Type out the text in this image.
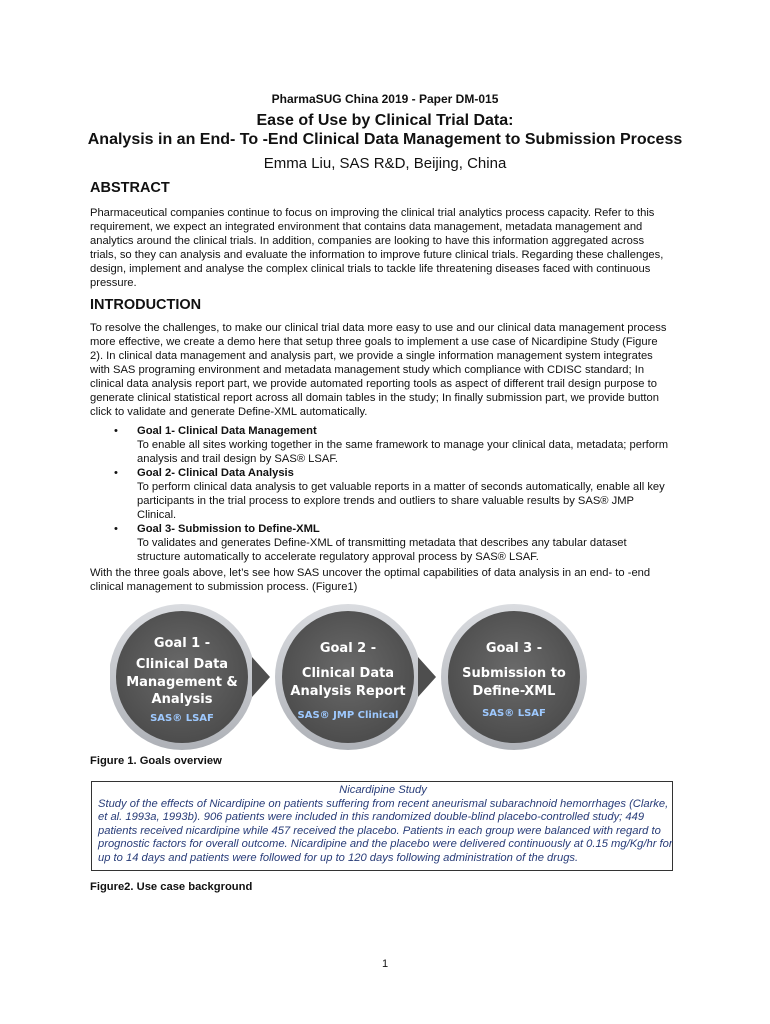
PharmaSUG China 2019 - Paper DM-015
Ease of Use by Clinical Trial Data:
Analysis in an End- To -End Clinical Data Management to Submission Process
Emma Liu, SAS R&D, Beijing, China
ABSTRACT
Pharmaceutical companies continue to focus on improving the clinical trial analytics process capacity. Refer to this
requirement, we expect an integrated environment that contains data management, metadata management and
analytics around the clinical trials. In addition, companies are looking to have this information aggregated across
trials, so they can analysis and evaluate the information to improve future clinical trials. Regarding these challenges,
design, implement and analyse the complex clinical trials to tackle life threatening diseases faced with continuous
pressure.
INTRODUCTION
To resolve the challenges, to make our clinical trial data more easy to use and our clinical data management process
more effective, we create a demo here that setup three goals to implement a use case of Nicardipine Study (Figure
2). In clinical data management and analysis part, we provide a single information management system integrates
with SAS programing environment and metadata management study which compliance with CDISC standard; In
clinical data analysis report part, we provide automated reporting tools as aspect of different trail design purpose to
generate clinical statistical report across all domain tables in the study; In finally submission part, we provide button
click to validate and generate Define-XML automatically.
• Goal 1- Clinical Data Management
To enable all sites working together in the same framework to manage your clinical data, metadata; perform
analysis and trail design by SAS® LSAF.
• Goal 2- Clinical Data Analysis
To perform clinical data analysis to get valuable reports in a matter of seconds automatically, enable all key
participants in the trial process to explore trends and outliers to share valuable results by SAS® JMP
Clinical.
• Goal 3- Submission to Define-XML
To validates and generates Define-XML of transmitting metadata that describes any tabular dataset
structure automatically to accelerate regulatory approval process by SAS® LSAF.
With the three goals above, let’s see how SAS uncover the optimal capabilities of data analysis in an end- to -end
clinical management to submission process. (Figure1)
Goal 1 -
Clinical Data
Management &
Analysis
SAS® LSAF
Goal 2 -
Clinical Data
Analysis Report
SAS® JMP Clinical
Goal 3 -
Submission to
Define-XML
SAS® LSAF
Figure 1. Goals overview
Nicardipine Study
Study of the effects of Nicardipine on patients suffering from recent aneurismal subarachnoid hemorrhages (Clarke,
et al. 1993a, 1993b). 906 patients were included in this randomized double-blind placebo-controlled study; 449
patients received nicardipine while 457 received the placebo. Patients in each group were balanced with regard to
prognostic factors for overall outcome. Nicardipine and the placebo were delivered continuously at 0.15 mg/Kg/hr for
up to 14 days and patients were followed for up to 120 days following administration of the drugs.
Figure2. Use case background
1
